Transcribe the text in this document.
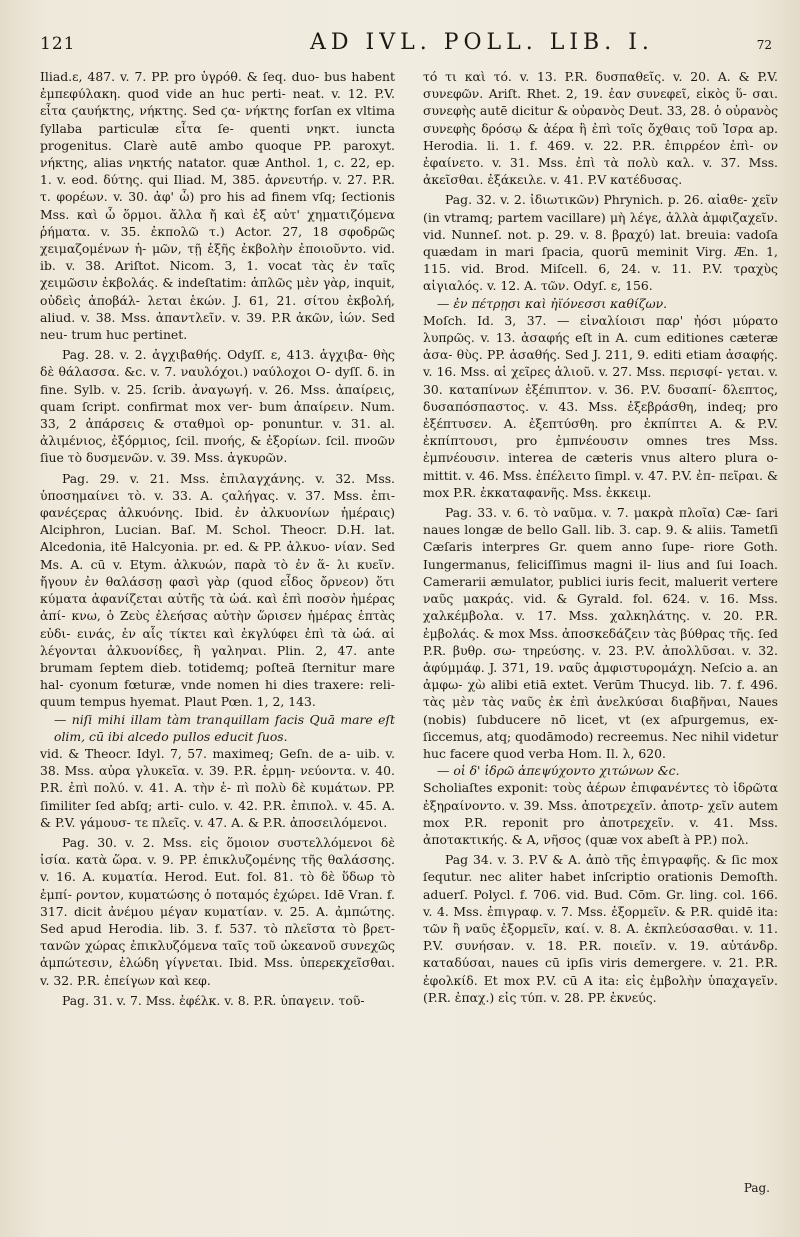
121	AD IVL. POLL. LIB. I.	72

Iliad.ε, 487. v. 7. PP. pro ὑγρόθ. & ſeq. duo- bus habent ἐμπεφύλακη. quod vide an huc perti- neat. v. 12. P.V. εἶτα ϛαυήκτης, νήκτης. Sed ϛα- νήκτης forſan ex vltima ſyllaba particulæ εἶτα ſe- quenti νηκτ. iuncta progenitus. Clarè autē ambo quoque PP. paroxyt. νήκτης, alias νηκτής natator. quæ Anthol. 1, c. 22, ep. 1. v. eod. δύτης. qui Iliad. Μ, 385. ἀρνευτήρ. v. 27. P.R. τ. φορέων. v. 30. ἀφ' ὧ) pro his ad finem vſq; ſectionis Mss. καὶ ὧ ὅρμοι. ἄλλα ἤ καὶ ἐξ αὐτ' χηματιζόμενα ῥήματα. v. 35. ἐκπολῶ τ.) Actor. 27, 18 σφοδρῶς χειμαζομένων ἡ- μῶν, τῇ ἑξῆς ἐκβολὴν ἐποιοῦντο. vid. ib. v. 38. Ariſtot. Nicom. 3, 1. vocat τὰς ἐν ταῖς χειμῶσιν ἐκβολάς. & indeſtatim: ἁπλῶς μὲν γὰρ, inquit, οὐδεὶς ἀποβάλ- λεται ἑκών. J. 61, 21. σίτου ἐκβολή, aliud. v. 38. Mss. ἀπαντλεῖν. v. 39. P.R ἀκῶν, ἰών. Sed neu- trum huc pertinet.

Pag. 28. v. 2. ἀγχιβαθής. Odyſſ. ε, 413. ἀγχιβα- θὴς δὲ θάλασσα. &c. v. 7. ναυλόχοι.) ναύλοχοι O- dyſſ. δ. in fine. Sylb. v. 25. ſcrib. ἀναγωγή. v. 26. Mss. ἀπαίρεις, quam ſcript. confirmat mox ver- bum ἀπαίρειν. Num. 33, 2 ἀπάρσεις & σταθμοὶ op- ponuntur. v. 31. al. ἀλιμένιος, ἐξόρμιος, ſcil. πνοής, & ἐξορίων. ſcil. πνοῶν ſiue τὸ δυσμενῶν. v. 39. Mss. ἀγκυρῶν.

Pag. 29. v. 21. Mss. ἐπιλαγχάνης. v. 32. Mss. ὑποσημαίνει τὸ. v. 33. A. ϛαλήγας. v. 37. Mss. ἐπι- φανέϛερας ἀλκυόνης. Ibid. ἐν ἀλκυονίων ἡμέραις) Alciphron, Lucian. Baſ. M. Schol. Theocr. D.H. lat. Alcedonia, itē Halcyonia. pr. ed. & PP. ἀλκυο- νίαν. Sed Ms. A. cū v. Etym. ἀλκυών, παρὰ τὸ ἐν ἅ- λι κυεῖν. ἤγουν ἐν θαλάσσῃ φασὶ γὰρ (quod εἶδος ὄρνεον) ὅτι κύματα ἀφανίζεται αὐτῆς τὰ ὠά. καὶ ἐπὶ ποσὸν ἡμέρας ἀπί- κνω, ὁ Ζεὺς ἐλεήσας αὐτὴν ὥρισεν ἡμέρας ἑπτὰς εὐδι- εινάς, ἐν αἷς τίκτει καὶ ἐκγλύφει ἐπὶ τὰ ὠά. αἱ λέγονται ἀλκυονίδες, ἢ γαληναι. Plin. 2, 47. ante brumam ſeptem dieb. totidemq; poſteā ſternitur mare hal- cyonum fœturæ, vnde nomen hi dies traxere: reli- quum tempus hyemat. Plaut Pœn. 1, 2, 143.

— niſi mihi illam tàm tranquillam facis Quā mare eſt olim, cū ibi alcedo pullos educit ſuos.

vid. & Theocr. Idyl. 7, 57. maximeq; Geſn. de a- uib. v. 38. Mss. αὐρα γλυκεῖα. v. 39. P.R. ἑρμη- νεύοντα. v. 40. P.R. ἐπὶ πολύ. v. 41. A. τὴν ἐ- πὶ πολὺ δὲ κυμάτων. PP. ſimiliter ſed abſq; arti- culo. v. 42. P.R. ἐπιπολ. v. 45. A. & P.V. γάμουσ- τε πλεῖς. v. 47. A. & P.R. ἀποσειλόμενοι.

Pag. 30. v. 2. Mss. εἰς ὅμοιον συστελλόμενοι δὲ ἰσία. κατὰ ὥρα. v. 9. PP. ἐπικλυζομένης τῆς θαλάσσης. v. 16. A. κυματία. Herod. Eut. fol. 81. τὸ δὲ ὕδωρ τὸ ἐμπί- ροντον, κυματώσης ὁ ποταμός ἐχώρει. Idē Vran. f. 317. dicit ἀνέμου μέγαν κυματίαν. v. 25. A. ἀμπώτης. Sed apud Herodia. lib. 3. f. 537. τὸ πλεῖστα τὸ βρετ- τανῶν χώρας ἐπικλυζόμενα ταῖς τοῦ ὠκεανοῦ συνεχῶς ἀμπώτεσιν, ἐλώδη γίγνεται. Ibid. Mss. ὑπερεκχεῖσθαι. v. 32. P.R. ἐπείγων καὶ κεφ.

Pag. 31. v. 7. Mss. ἐφέλκ. v. 8. P.R. ὑπαγειν. τοῦ-

τό τι καὶ τό. v. 13. P.R. δυσπαθεῖς. v. 20. A. & P.V. συνεφῶν. Ariſt. Rhet. 2, 19. ἐαν συνεφεῖ, εἰκὸς ὕ- σαι. συνεφὴς autē dicitur & οὐρανὸς Deut. 33, 28. ὁ οὐρανὸς συνεφὴς δρόσῳ & ἀέρα ἢ ἐπὶ τοῖς ὄχθαις τοῦ Ἰσρα ap. Herodia. li. 1. f. 469. v. 22. P.R. ἐπιρρέον ἐπὶ- ον ἐφαίνετο. v. 31. Mss. ἐπὶ τὰ πολὺ καλ. v. 37. Mss. ἀκεῖσθαι. ἐξάκειλε. v. 41. P.V κατέδυσας.

Pag. 32. v. 2. ἰδιωτικῶν) Phrynich. p. 26. αἰαθε- χεῖν (in vtramq; partem vacillare) μὴ λέγε, ἀλλὰ ἀμφιζαχεῖν. vid. Nunneſ. not. p. 29. v. 8. βραχύ) lat. breuia: vadoſa quædam in mari ſpacia, quorū meminit Virg. Æn. 1, 115. vid. Brod. Miſcell. 6, 24. v. 11. P.V. τραχὺς αἰγιαλός. v. 12. A. τῶν. Odyſ. ε, 156.

— ἐν πέτρῃσι καὶ ἠϊόνεσσι καθίζων.

Moſch. Id. 3, 37. — εἰναλίοισι παρ' ἠόσι μύρατο λυπρῶς. v. 13. ἀσαφής eſt in A. cum editiones cæteræ ἀσα- θὺς. PP. ἀσαθής. Sed J. 211, 9. editi etiam ἀσαφής. v. 16. Mss. αἱ χεῖρες ἁλιοῦ. v. 27. Mss. περισφί- γεται. v. 30. καταπίνων ἐξέπιπτον. v. 36. P.V. δυσαπί- δλεπτος, δυσαπόσπαστος. v. 43. Mss. ἐξεβράσθη, indeq; pro ἐξέπτυσεν. A. ἐξεπτύσθη. pro ἐκπίπτει A. & P.V. ἐκπίπτουσι, pro ἐμπνέουσιν omnes tres Mss. ἐμπνέουσιν. interea de cæteris vnus altero plura o- mittit. v. 46. Mss. ἐπέλειτο ſimpl. v. 47. P.V. ἐπ- πεῖραι. & mox P.R. ἐκκαταφανῆς. Mss. ἐκκειμ.

Pag. 33. v. 6. τὸ ναῦμα. v. 7. μακρὰ πλοῖα) Cæ- ſari naues longæ de bello Gall. lib. 3. cap. 9. & aliis. Tametſi Cæſaris interpres Gr. quem anno ſupe- riore Goth. Iungermanus, feliciſſimus magni il- lius and ſui Ioach. Camerarii æmulator, publici iuris fecit, maluerit vertere ναῦς μακράς. vid. & Gyrald. fol. 624. v. 16. Mss. χαλκέμβολα. v. 17. Mss. χαλκηλάτης. v. 20. P.R. ἐμβολάς. & mox Mss. ἀποσκεδάζειν τὰς βύθρας τῆς. ſed P.R. βυθρ. σω- τηρεύσης. v. 23. P.V. ἀπολλῦσαι. v. 32. ἀφύμμάφ. J. 371, 19. ναῦς ἀμφιστυρομάχη. Neſcio a. an ἀμφω- χὼ alibi etiā extet. Verūm Thucyd. lib. 7. f. 496. τὰς μὲν τὰς ναῦς ἐκ ἐπὶ ἀνελκύσαι διαβῆναι, Naues (nobis) ſubducere nō licet, vt (ex aſpurgemus, ex- ſiccemus, atq; quodāmodo) recreemus. Nec nihil videtur huc facere quod verba Hom. Il. λ, 620.

— οἱ δ' ἱδρῶ ἀπεψύχοντο χιτώνων &c.

Scholiaſtes exponit: τοὺς ἀέρων ἐπιφανέντες τὸ ἱδρῶτα ἐξηραίνοντο. v. 39. Mss. ἀποτρεχεῖν. ἀποτρ- χεῖν autem mox P.R. reponit pro ἀποτρεχεῖν. v. 41. Mss. ἀποτακτικής. & A, νῆσος (quæ vox abeſt à PP.) πολ.

Pag 34. v. 3. P.V & A. ἀπὸ τῆς ἐπιγραφῆς. & ſic mox ſequtur. nec aliter habet inſcriptio orationis Demoſth. aduerſ. Polycl. f. 706. vid. Bud. Cōm. Gr. ling. col. 166. v. 4. Mss. ἐπιγραφ. v. 7. Mss. ἐξορμεῖν. & P.R. quidē ita: τῶν ἢ ναῦς ἐξορμεῖν, καί. v. 8. A. ἐκπλεύσασθαι. v. 11. P.V. συνήσαν. v. 18. P.R. ποιεῖν. v. 19. αὐτάνδρ. καταδύσαι, naues cū ipſis viris demergere. v. 21. P.R. ἐφολκίδ. Et mox P.V. cū A ita: εἰς ἐμβολὴν ὑπαχαγεῖν. (P.R. ἐπαχ.) εἰς τύπ. v. 28. PP. ἐκνεύς.

Pag.
